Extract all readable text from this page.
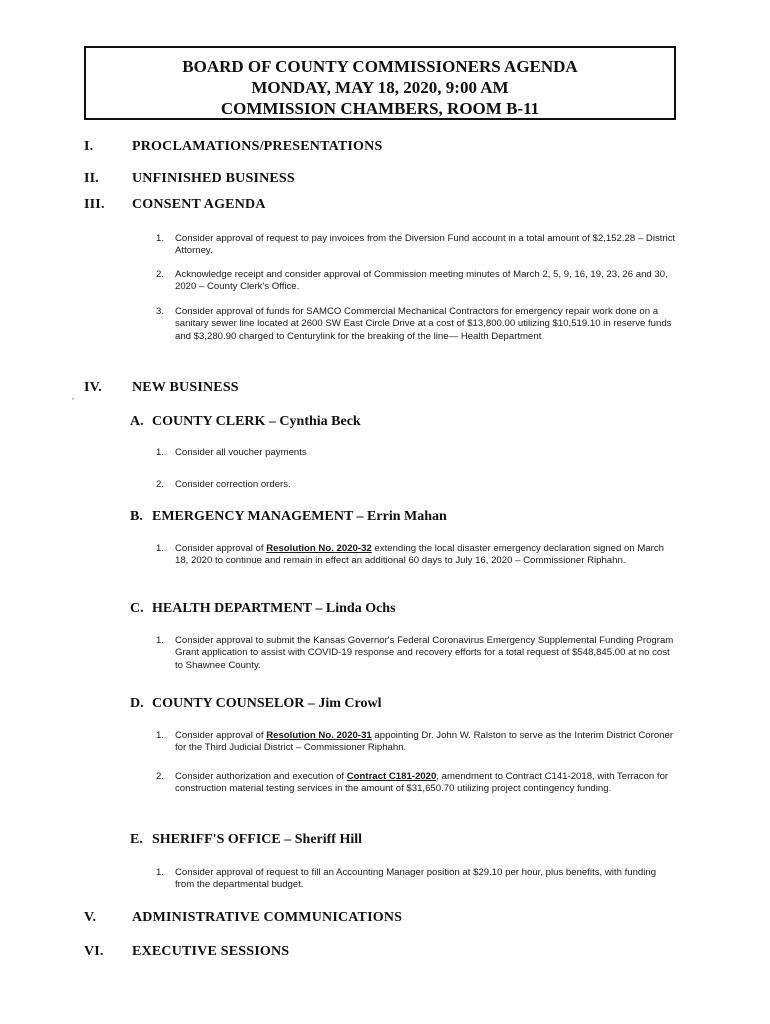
BOARD OF COUNTY COMMISSIONERS AGENDA
MONDAY, MAY 18, 2020, 9:00 AM
COMMISSION CHAMBERS, ROOM B-11
I.	PROCLAMATIONS/PRESENTATIONS
II. UNFINISHED BUSINESS
III. CONSENT AGENDA
1.	Consider approval of request to pay invoices from the Diversion Fund account in a total amount of $2,152.28 – District Attorney.
2.	Acknowledge receipt and consider approval of Commission meeting minutes of March 2, 5, 9, 16, 19, 23, 26 and 30, 2020 – County Clerk's Office.
3.	Consider approval of funds for SAMCO Commercial Mechanical Contractors for emergency repair work done on a sanitary sewer line located at 2600 SW East Circle Drive at a cost of $13,800.00 utilizing $10,519.10 in reserve funds and $3,280.90 charged to Centurylink for the breaking of the line— Health Department
,
IV. NEW BUSINESS
A. COUNTY CLERK – Cynthia Beck
1.	Consider all voucher payments
2.	Consider correction orders.
B. EMERGENCY MANAGEMENT – Errin Mahan
1.	Consider approval of Resolution No. 2020-32 extending the local disaster emergency declaration signed on March 18, 2020 to continue and remain in effect an additional 60 days to July 16, 2020 – Commissioner Riphahn.
C. HEALTH DEPARTMENT – Linda Ochs
1.	Consider approval to submit the Kansas Governor's Federal Coronavirus Emergency Supplemental Funding Program Grant application to assist with COVID-19 response and recovery efforts for a total request of $548,845.00 at no cost to Shawnee County.
D. COUNTY COUNSELOR – Jim Crowl
1.	Consider approval of Resolution No. 2020-31 appointing Dr. John W. Ralston to serve as the Interim District Coroner for the Third Judicial District – Commissioner Riphahn.
2.	Consider authorization and execution of Contract C181-2020, amendment to Contract C141-2018, with Terracon for construction material testing services in the amount of $31,650.70 utilizing project contingency funding.
E. SHERIFF'S OFFICE – Sheriff Hill
1.	Consider approval of request to fill an Accounting Manager position at $29.10 per hour, plus benefits, with funding from the departmental budget.
V.	ADMINISTRATIVE COMMUNICATIONS
VI. EXECUTIVE SESSIONS
